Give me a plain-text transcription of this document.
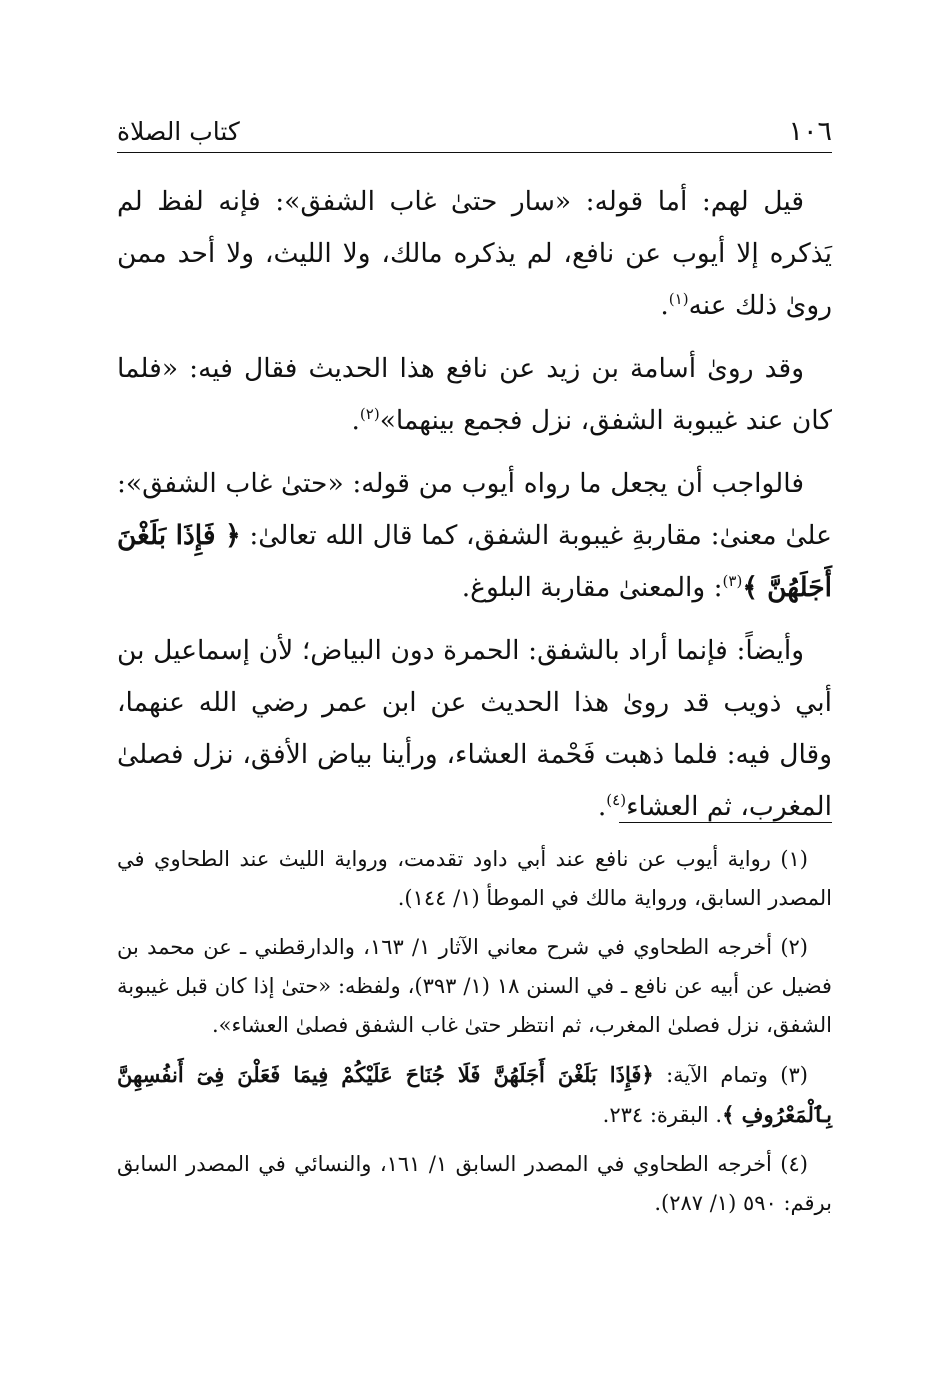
١٠٦
كتاب الصلاة

قيل لهم: أما قوله: «سار حتىٰ غاب الشفق»: فإنه لفظ لم يَذكره إلا أيوب عن نافع، لم يذكره مالك، ولا الليث، ولا أحد ممن روىٰ ذلك عنه$^{(١)}$.

وقد روىٰ أسامة بن زيد عن نافع هذا الحديث فقال فيه: «فلما كان عند غيبوبة الشفق، نزل فجمع بينهما»$^{(٢)}$.

فالواجب أن يجعل ما رواه أيوب من قوله: «حتىٰ غاب الشفق»: علىٰ معنىٰ: مقاربةِ غيبوبة الشفق، كما قال الله تعالىٰ: ﴿ فَإِذَا بَلَغْنَ أَجَلَهُنَّ ﴾$^{(٣)}$: والمعنىٰ مقاربة البلوغ.

وأيضاً: فإنما أراد بالشفق: الحمرة دون البياض؛ لأن إسماعيل بن أبي ذويب قد روىٰ هذا الحديث عن ابن عمر رضي الله عنهما، وقال فيه: فلما ذهبت فَحْمة العشاء، ورأينا بياض الأفق، نزل فصلىٰ المغرب، ثم العشاء$^{(٤)}$.

(١) رواية أيوب عن نافع عند أبي داود تقدمت، ورواية الليث عند الطحاوي في المصدر السابق، ورواية مالك في الموطأ (١/ ١٤٤).

(٢) أخرجه الطحاوي في شرح معاني الآثار ١/ ١٦٣، والدارقطني ـ عن محمد بن فضيل عن أبيه عن نافع ـ في السنن ١٨ (١/ ٣٩٣)، ولفظه: «حتىٰ إذا كان قبل غيبوبة الشفق، نزل فصلىٰ المغرب، ثم انتظر حتىٰ غاب الشفق فصلىٰ العشاء».

(٣) وتمام الآية: ﴿فَإِذَا بَلَغْنَ أَجَلَهُنَّ فَلَا جُنَاحَ عَلَيْكُمْ فِيمَا فَعَلْنَ فِىٓ أَنفُسِهِنَّ بِٱلْمَعْرُوفِ ﴾. البقرة: ٢٣٤.

(٤) أخرجه الطحاوي في المصدر السابق ١/ ١٦١، والنسائي في المصدر السابق برقم: ٥٩٠ (١/ ٢٨٧).
